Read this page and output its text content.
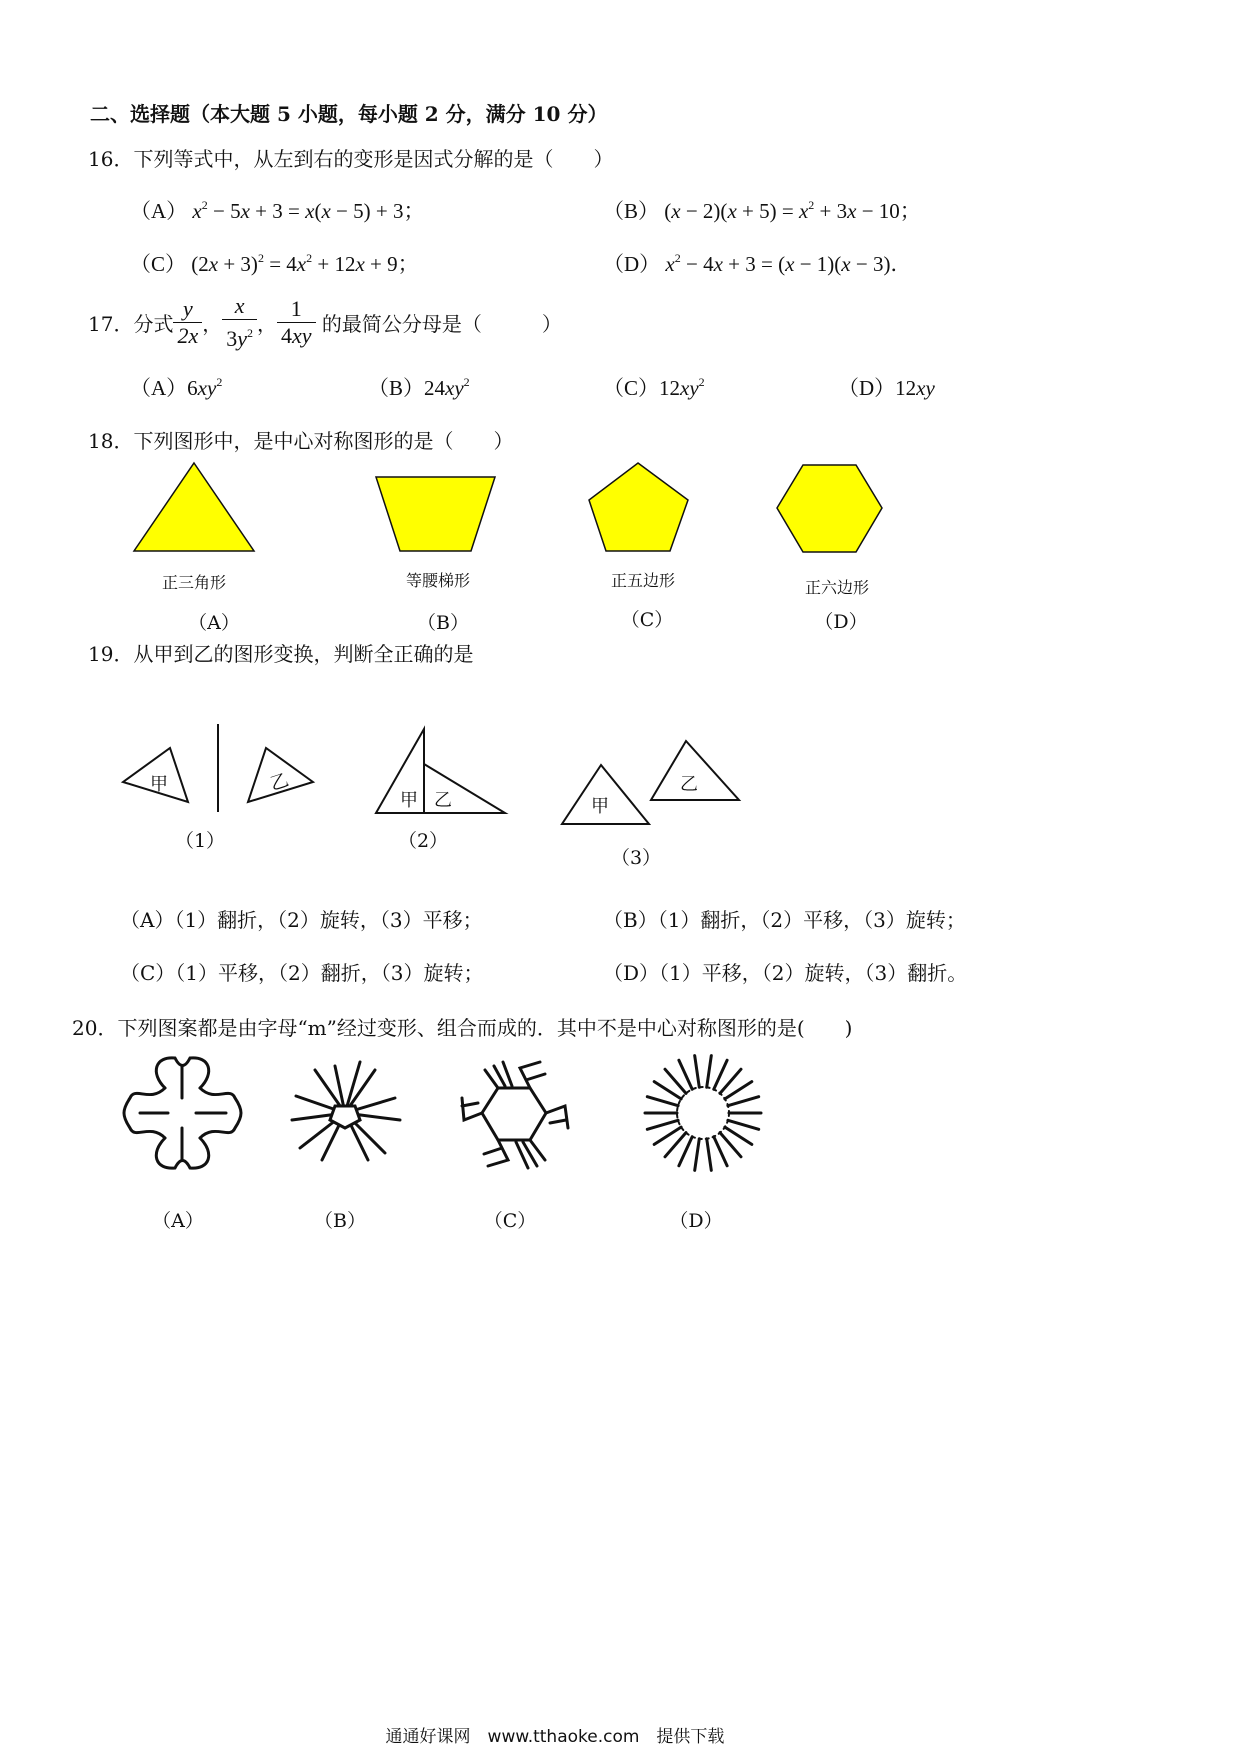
二、选择题（本大题 5 小题，每小题 2 分，满分 10 分）
16．下列等式中，从左到右的变形是因式分解的是（　　）
（A） $x^2 - 5x + 3 = x(x - 5) + 3$；	（B） $(x - 2)(x + 5) = x^2 + 3x - 10$；
（C） $(2x + 3)^2 = 4x^2 + 12x + 9$；	（D） $x^2 - 4x + 3 = (x - 1)(x - 3)$．
17．分式 $\frac{y}{2x}$ ， $\frac{x}{3y^2}$ ， $\frac{1}{4xy}$ 的最简公分母是（　　　）
$(A)6xy^2$	$(B)24xy^2$	$(C)12xy^2$	（D）12xy
18．下列图形中，是中心对称图形的是（　　）
正三角形	等腰梯形	正五边形	正六边形
（A）	（B）	（C）	（D）
19．从甲到乙的图形变换，判断全正确的是
甲	乙
甲 乙	甲
乙
（1）	（2）
（3）
（A）（1）翻折，（2）旋转，（3）平移；	（B）（1）翻折，（2）平移，（3）旋转；
（C）（1）平移，（2）翻折，（3）旋转；	（D）（1）平移，（2）旋转，（3）翻折。
20．下列图案都是由字母“m”经过变形、组合而成的．其中不是中心对称图形的是(　　)
（A）	（B）	（C）	（D）
通通好课网　www.tthaoke.com　提供下载
